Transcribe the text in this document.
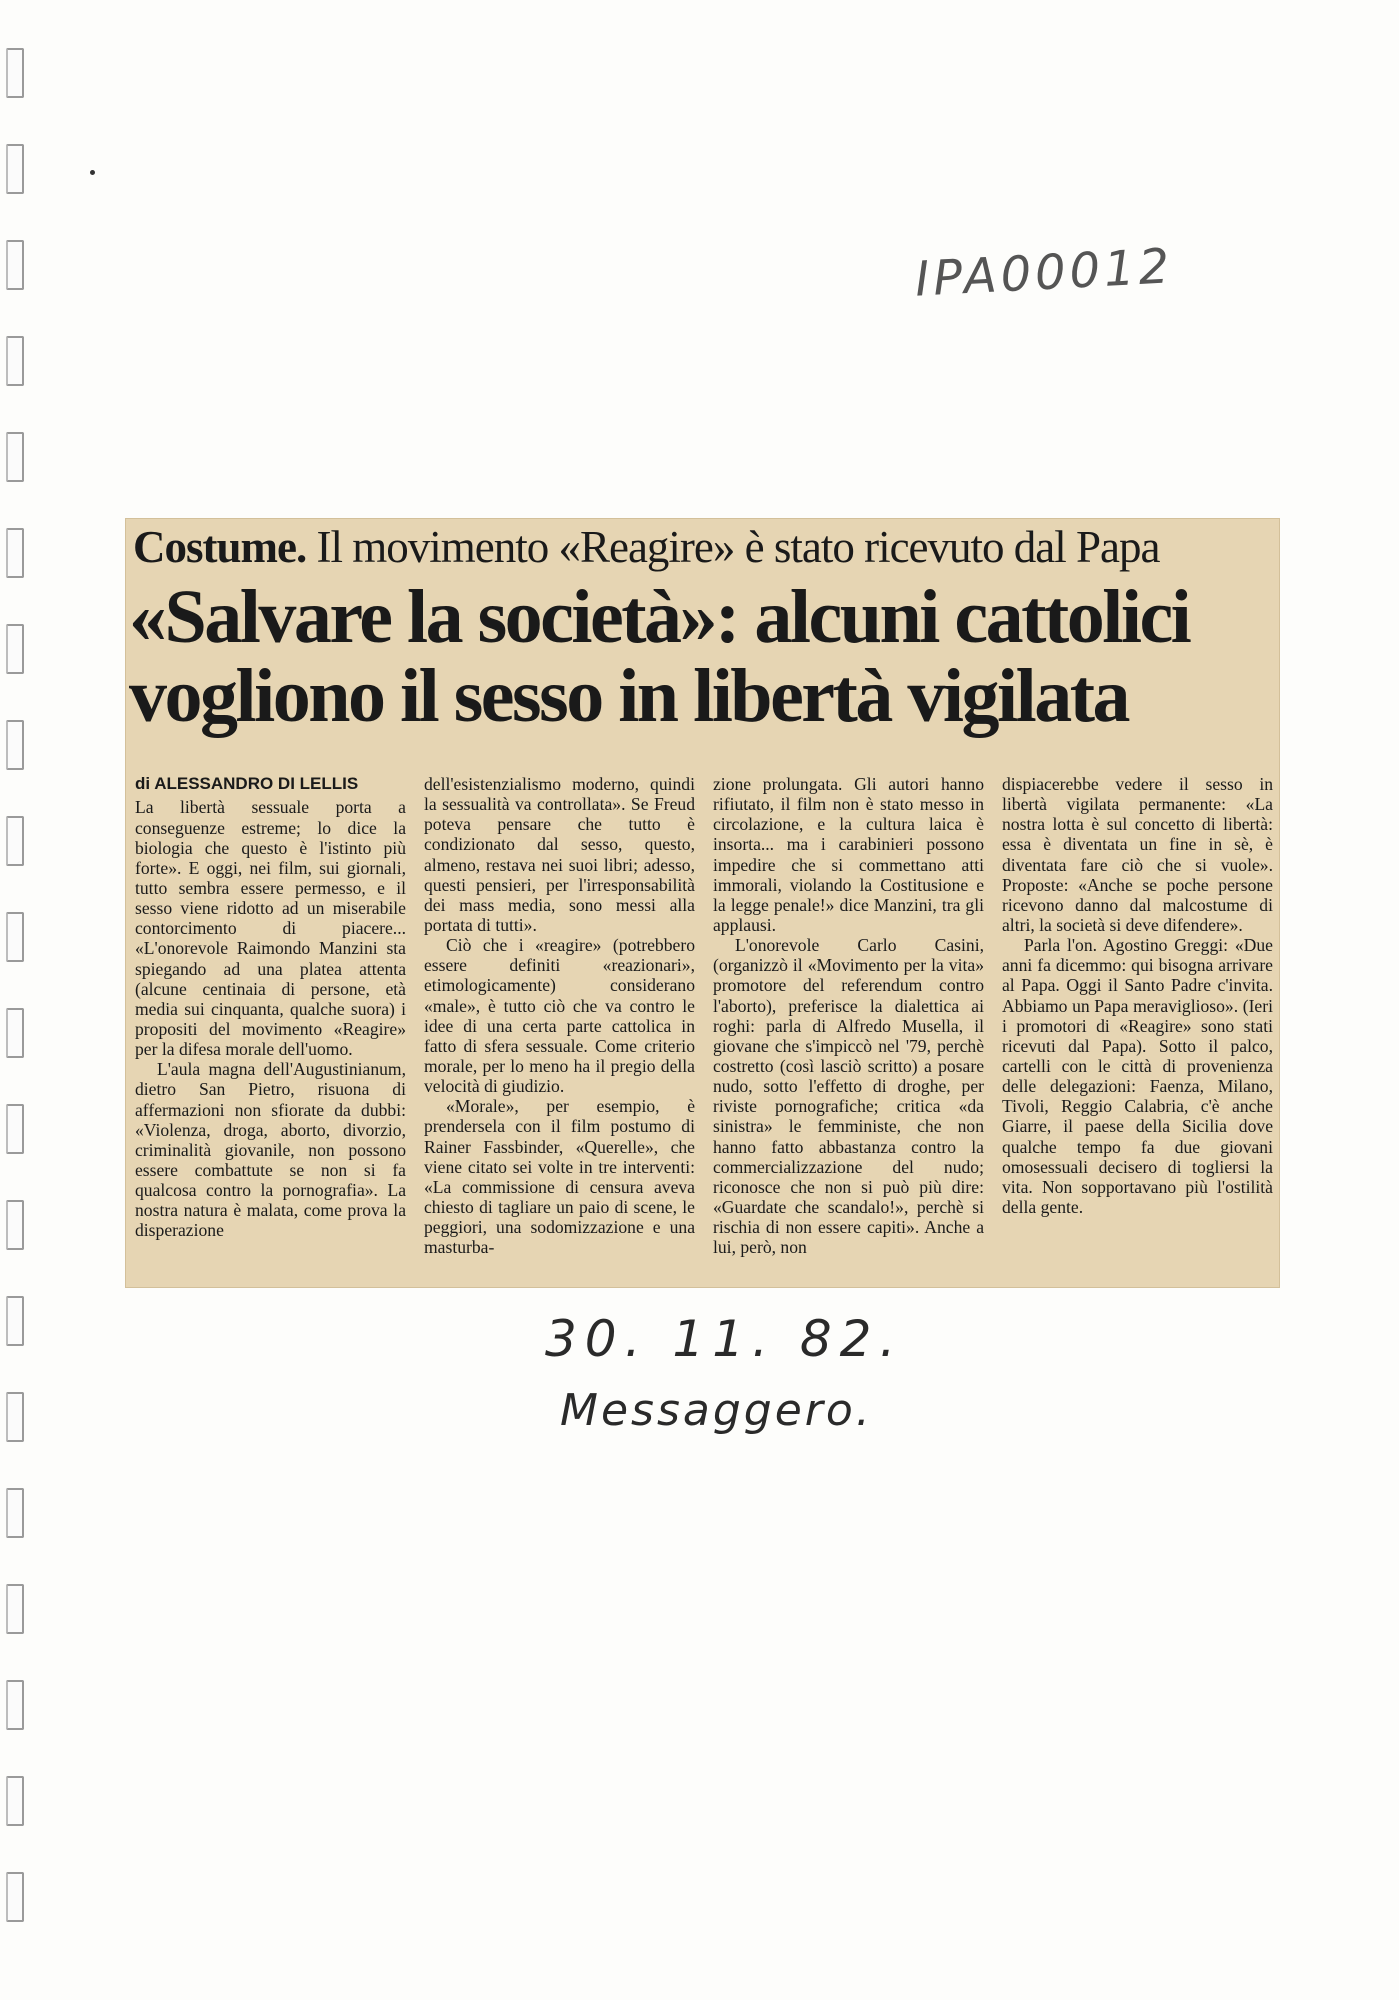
IPA00012
Costume. Il movimento «Reagire» è stato ricevuto dal Papa
«Salvare la società»: alcuni cattolici
vogliono il sesso in libertà vigilata
di ALESSANDRO DI LELLIS

La libertà sessuale porta a conseguenze estreme; lo dice la biologia che questo è l'istinto più forte». E oggi, nei film, sui giornali, tutto sembra essere permesso, e il sesso viene ridotto ad un miserabile contorcimento di piacere... «L'onorevole Raimondo Manzini sta spiegando ad una platea attenta (alcune centinaia di persone, età media sui cinquanta, qualche suora) i propositi del movimento «Reagire» per la difesa morale dell'uomo.

L'aula magna dell'Augustinianum, dietro San Pietro, risuona di affermazioni non sfiorate da dubbi: «Violenza, droga, aborto, divorzio, criminalità giovanile, non possono essere combattute se non si fa qualcosa contro la pornografia». La nostra natura è malata, come prova la disperazione

dell'esistenzialismo moderno, quindi la sessualità va controllata». Se Freud poteva pensare che tutto è condizionato dal sesso, questo, almeno, restava nei suoi libri; adesso, questi pensieri, per l'irresponsabilità dei mass media, sono messi alla portata di tutti».

Ciò che i «reagire» (potrebbero essere definiti «reazionari», etimologicamente) considerano «male», è tutto ciò che va contro le idee di una certa parte cattolica in fatto di sfera sessuale. Come criterio morale, per lo meno ha il pregio della velocità di giudizio.

«Morale», per esempio, è prendersela con il film postumo di Rainer Fassbinder, «Querelle», che viene citato sei volte in tre interventi: «La commissione di censura aveva chiesto di tagliare un paio di scene, le peggiori, una sodomizzazione e una masturba-

zione prolungata. Gli autori hanno rifiutato, il film non è stato messo in circolazione, e la cultura laica è insorta... ma i carabinieri possono impedire che si commettano atti immorali, violando la Costitusione e la legge penale!» dice Manzini, tra gli applausi.

L'onorevole Carlo Casini, (organizzò il «Movimento per la vita» promotore del referendum contro l'aborto), preferisce la dialettica ai roghi: parla di Alfredo Musella, il giovane che s'impiccò nel '79, perchè costretto (così lasciò scritto) a posare nudo, sotto l'effetto di droghe, per riviste pornografiche; critica «da sinistra» le femministe, che non hanno fatto abbastanza contro la commercializzazione del nudo; riconosce che non si può più dire: «Guardate che scandalo!», perchè si rischia di non essere capiti». Anche a lui, però, non

dispiacerebbe vedere il sesso in libertà vigilata permanente: «La nostra lotta è sul concetto di libertà: essa è diventata un fine in sè, è diventata fare ciò che si vuole». Proposte: «Anche se poche persone ricevono danno dal malcostume di altri, la società si deve difendere».

Parla l'on. Agostino Greggi: «Due anni fa dicemmo: qui bisogna arrivare al Papa. Oggi il Santo Padre c'invita. Abbiamo un Papa meraviglioso». (Ieri i promotori di «Reagire» sono stati ricevuti dal Papa). Sotto il palco, cartelli con le città di provenienza delle delegazioni: Faenza, Milano, Tivoli, Reggio Calabria, c'è anche Giarre, il paese della Sicilia dove qualche tempo fa due giovani omosessuali decisero di togliersi la vita. Non sopportavano più l'ostilità della gente.

30. 11. 82.
Messaggero.
